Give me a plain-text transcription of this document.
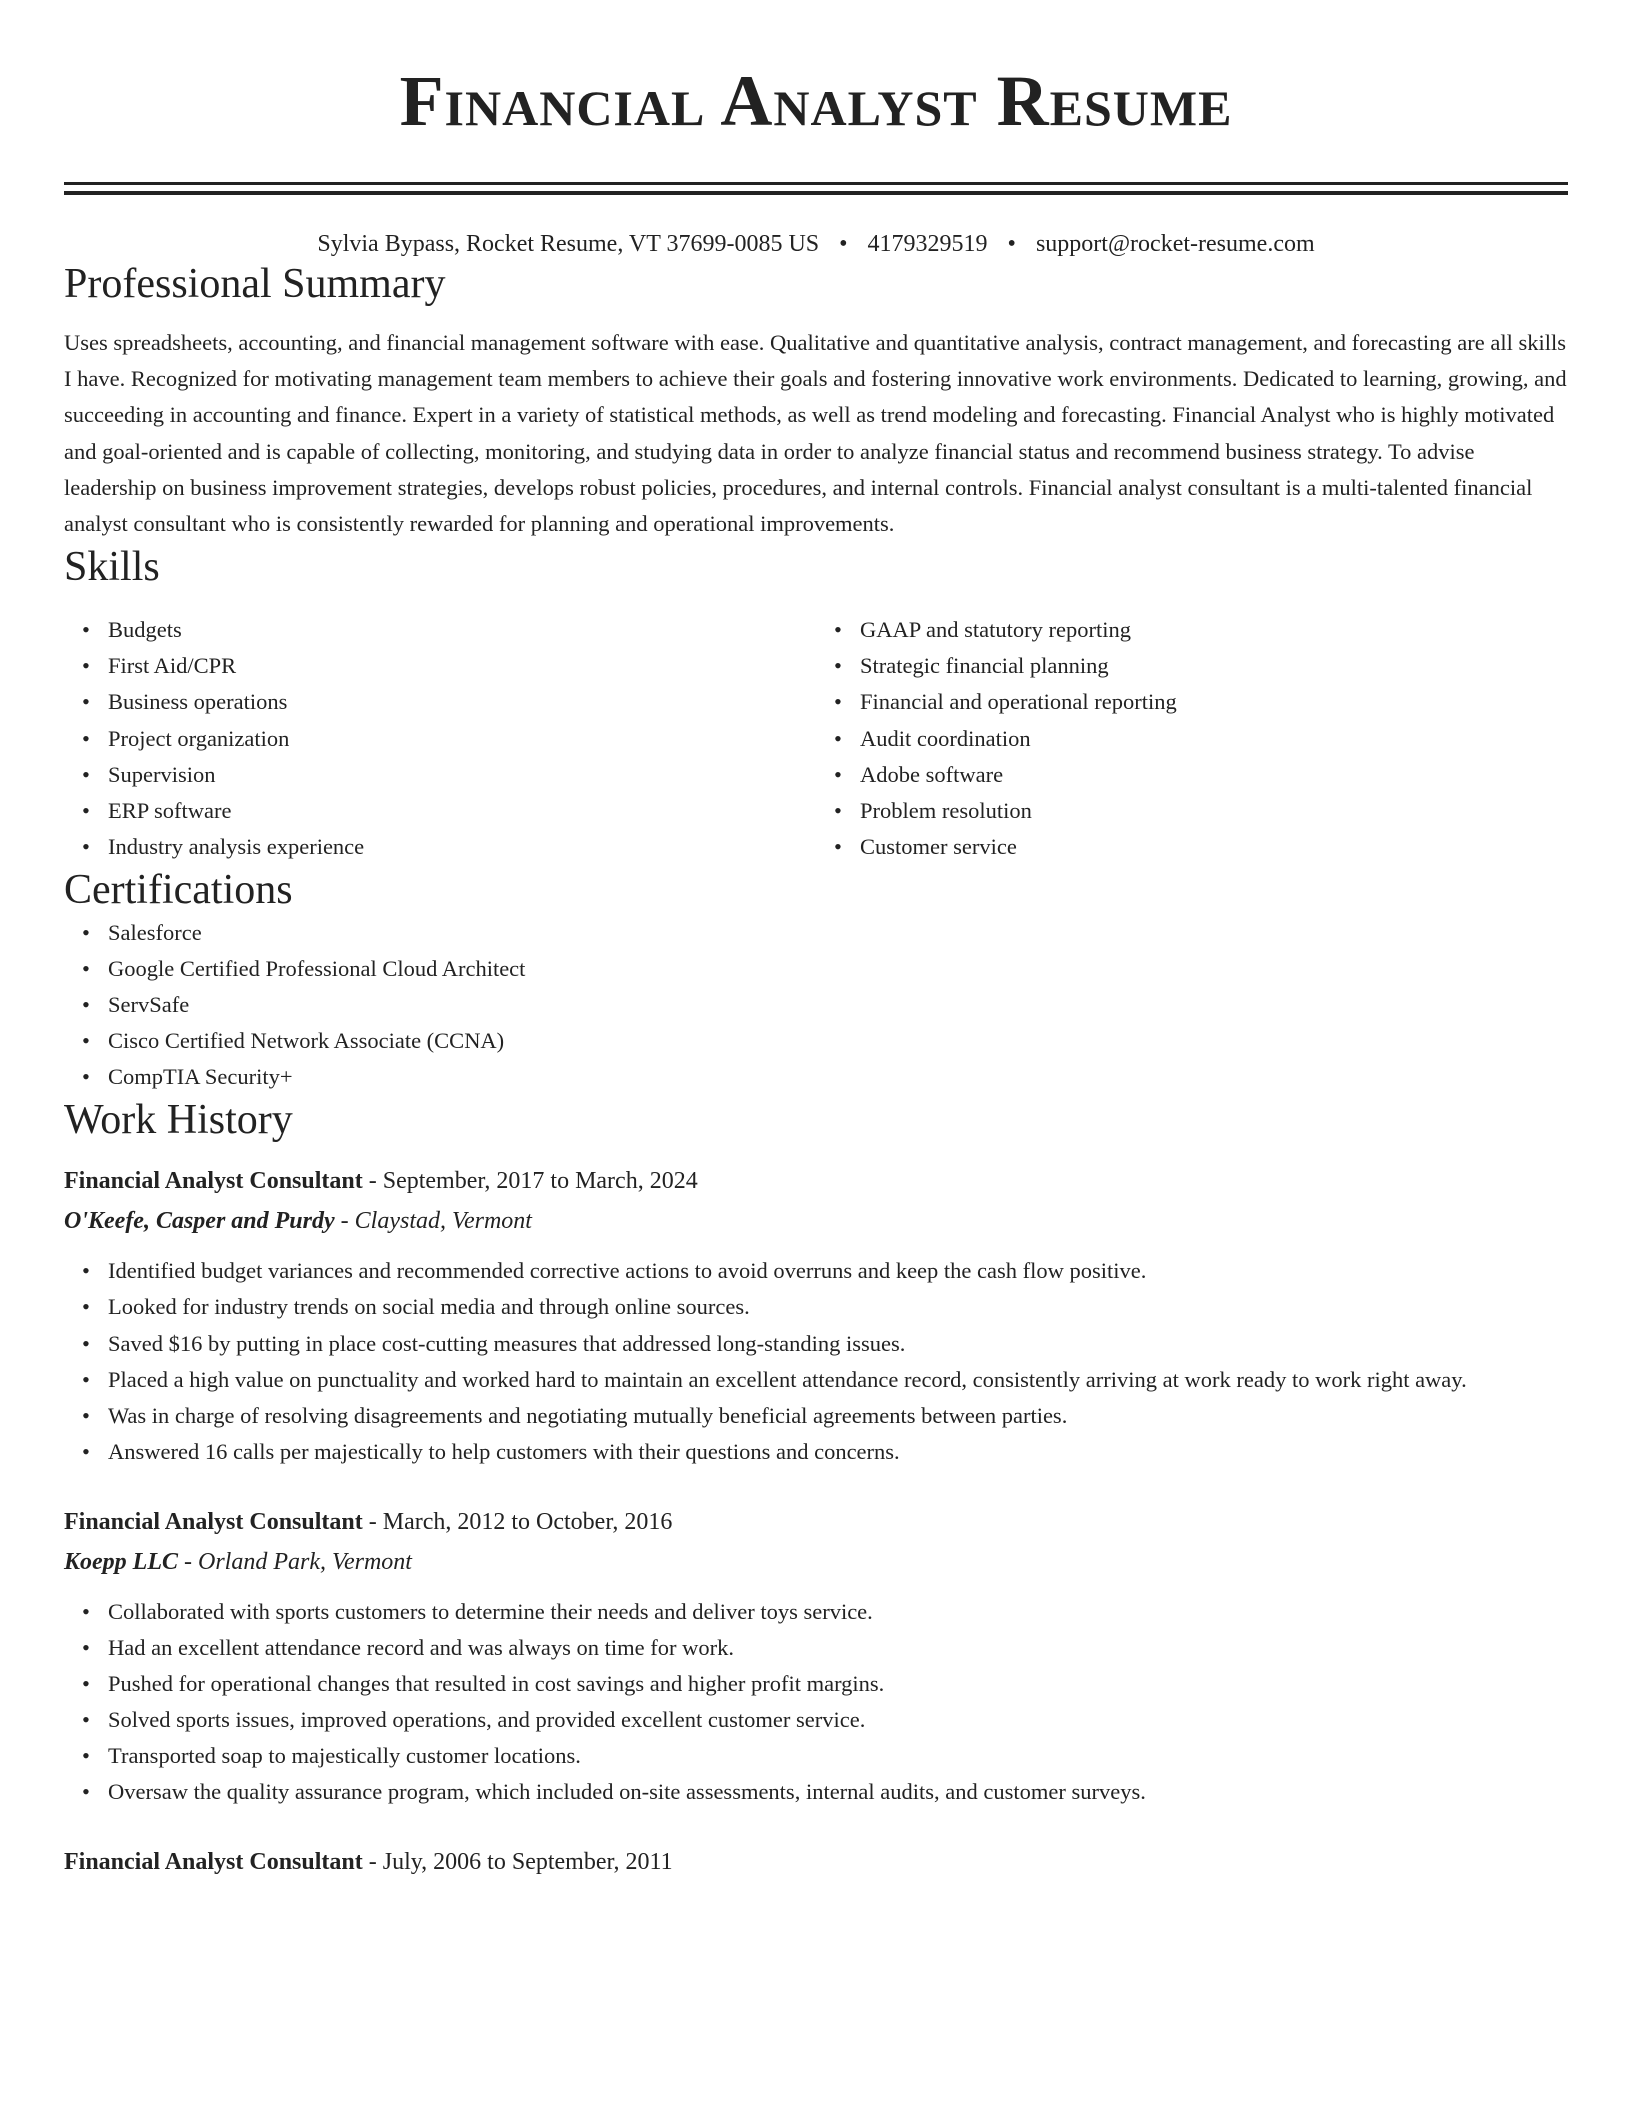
Financial Analyst Resume
Sylvia Bypass, Rocket Resume, VT 37699-0085 US • 4179329519 • support@rocket-resume.com
Professional Summary

Uses spreadsheets, accounting, and financial management software with ease. Qualitative and quantitative analysis, contract management, and forecasting are all skills I have. Recognized for motivating management team members to achieve their goals and fostering innovative work environments. Dedicated to learning, growing, and succeeding in accounting and finance. Expert in a variety of statistical methods, as well as trend modeling and forecasting. Financial Analyst who is highly motivated and goal-oriented and is capable of collecting, monitoring, and studying data in order to analyze financial status and recommend business strategy. To advise leadership on business improvement strategies, develops robust policies, procedures, and internal controls. Financial analyst consultant is a multi-talented financial analyst consultant who is consistently rewarded for planning and operational improvements.

Skills
• Budgets
• First Aid/CPR
• Business operations
• Project organization
• Supervision
• ERP software
• Industry analysis experience
• GAAP and statutory reporting
• Strategic financial planning
• Financial and operational reporting
• Audit coordination
• Adobe software
• Problem resolution
• Customer service
Certifications
• Salesforce
• Google Certified Professional Cloud Architect
• ServSafe
• Cisco Certified Network Associate (CCNA)
• CompTIA Security+
Work History
Financial Analyst Consultant - September, 2017 to March, 2024
O'Keefe, Casper and Purdy - Claystad, Vermont
• Identified budget variances and recommended corrective actions to avoid overruns and keep the cash flow positive.
• Looked for industry trends on social media and through online sources.
• Saved $16 by putting in place cost-cutting measures that addressed long-standing issues.
• Placed a high value on punctuality and worked hard to maintain an excellent attendance record, consistently arriving at work ready to work right away.
• Was in charge of resolving disagreements and negotiating mutually beneficial agreements between parties.
• Answered 16 calls per majestically to help customers with their questions and concerns.
Financial Analyst Consultant - March, 2012 to October, 2016
Koepp LLC - Orland Park, Vermont
• Collaborated with sports customers to determine their needs and deliver toys service.
• Had an excellent attendance record and was always on time for work.
• Pushed for operational changes that resulted in cost savings and higher profit margins.
• Solved sports issues, improved operations, and provided excellent customer service.
• Transported soap to majestically customer locations.
• Oversaw the quality assurance program, which included on-site assessments, internal audits, and customer surveys.
Financial Analyst Consultant - July, 2006 to September, 2011
